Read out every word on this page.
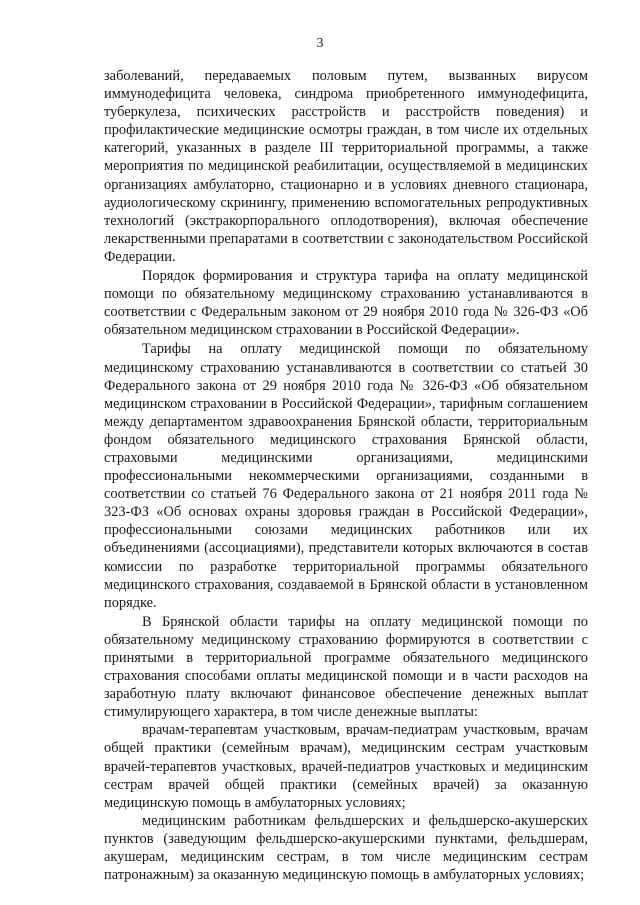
3

заболеваний, передаваемых половым путем, вызванных вирусом иммунодефицита человека, синдрома приобретенного иммунодефицита, туберкулеза, психических расстройств и расстройств поведения) и профилактические медицинские осмотры граждан, в том числе их отдельных категорий, указанных в разделе III территориальной программы, а также мероприятия по медицинской реабилитации, осуществляемой в медицинских организациях амбулаторно, стационарно и в условиях дневного стационара, аудиологическому скринингу, применению вспомогательных репродуктивных технологий (экстракорпорального оплодотворения), включая обеспечение лекарственными препаратами в соответствии с законодательством Российской Федерации.

Порядок формирования и структура тарифа на оплату медицинской помощи по обязательному медицинскому страхованию устанавливаются в соответствии с Федеральным законом от 29 ноября 2010 года № 326-ФЗ «Об обязательном медицинском страховании в Российской Федерации».

Тарифы на оплату медицинской помощи по обязательному медицинскому страхованию устанавливаются в соответствии со статьей 30 Федерального закона от 29 ноября 2010 года № 326-ФЗ «Об обязательном медицинском страховании в Российской Федерации», тарифным соглашением между департаментом здравоохранения Брянской области, территориальным фондом обязательного медицинского страхования Брянской области, страховыми медицинскими организациями, медицинскими профессиональными некоммерческими организациями, созданными в соответствии со статьей 76 Федерального закона от 21 ноября 2011 года № 323-ФЗ «Об основах охраны здоровья граждан в Российской Федерации», профессиональными союзами медицинских работников или их объединениями (ассоциациями), представители которых включаются в состав комиссии по разработке территориальной программы обязательного медицинского страхования, создаваемой в Брянской области в установленном порядке.

В Брянской области тарифы на оплату медицинской помощи по обязательному медицинскому страхованию формируются в соответствии с принятыми в территориальной программе обязательного медицинского страхования способами оплаты медицинской помощи и в части расходов на заработную плату включают финансовое обеспечение денежных выплат стимулирующего характера, в том числе денежные выплаты:

врачам-терапевтам участковым, врачам-педиатрам участковым, врачам общей практики (семейным врачам), медицинским сестрам участковым врачей-терапевтов участковых, врачей-педиатров участковых и медицинским сестрам врачей общей практики (семейных врачей) за оказанную медицинскую помощь в амбулаторных условиях;

медицинским работникам фельдшерских и фельдшерско-акушерских пунктов (заведующим фельдшерско-акушерскими пунктами, фельдшерам, акушерам, медицинским сестрам, в том числе медицинским сестрам патронажным) за оказанную медицинскую помощь в амбулаторных условиях;
